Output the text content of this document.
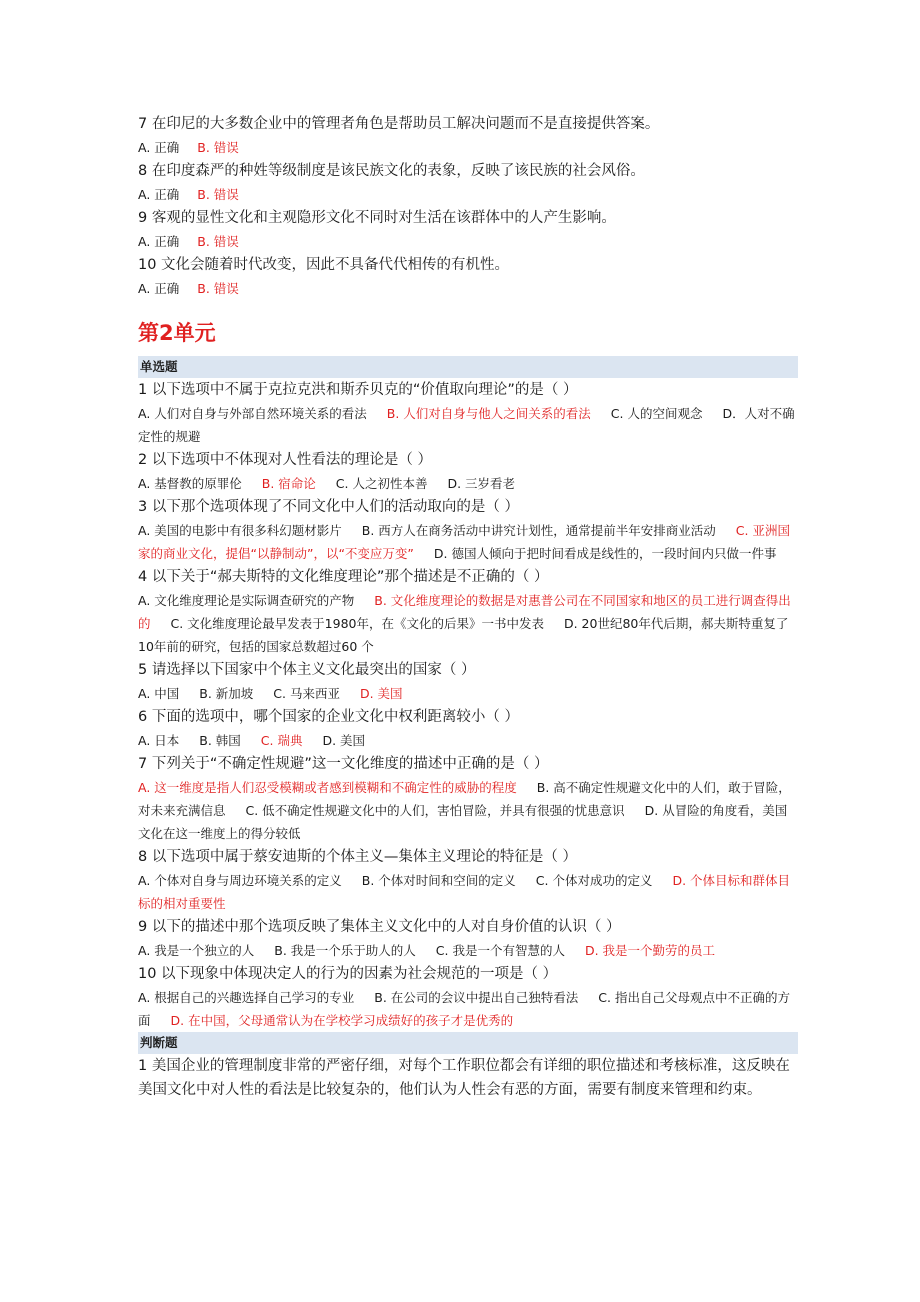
7 在印尼的大多数企业中的管理者角色是帮助员工解决问题而不是直接提供答案。

A. 正确 B. 错误

8 在印度森严的种姓等级制度是该民族文化的表象，反映了该民族的社会风俗。

A. 正确 B. 错误

9 客观的显性文化和主观隐形文化不同时对生活在该群体中的人产生影响。

A. 正确 B. 错误

10 文化会随着时代改变，因此不具备代代相传的有机性。

A. 正确 B. 错误

第2单元
单选题

1 以下选项中不属于克拉克洪和斯乔贝克的“价值取向理论”的是（ ）

A. 人们对自身与外部自然环境关系的看法 B. 人们对自身与他人之间关系的看法 C. 人的空间观念 D．人对不确定性的规避

2 以下选项中不体现对人性看法的理论是（ ）

A. 基督教的原罪伦 B. 宿命论 C. 人之初性本善 D. 三岁看老

3 以下那个选项体现了不同文化中人们的活动取向的是（ ）

A. 美国的电影中有很多科幻题材影片 B. 西方人在商务活动中讲究计划性，通常提前半年安排商业活动 C. 亚洲国家的商业文化，提倡“以静制动”，以“不变应万变” D. 德国人倾向于把时间看成是线性的，一段时间内只做一件事

4 以下关于“郝夫斯特的文化维度理论”那个描述是不正确的（ ）

A. 文化维度理论是实际调查研究的产物 B. 文化维度理论的数据是对惠普公司在不同国家和地区的员工进行调查得出的 C. 文化维度理论最早发表于1980年，在《文化的后果》一书中发表 D. 20世纪80年代后期，郝夫斯特重复了10年前的研究，包括的国家总数超过60 个

5 请选择以下国家中个体主义文化最突出的国家（ ）

A. 中国 B. 新加坡 C. 马来西亚 D. 美国

6 下面的选项中，哪个国家的企业文化中权利距离较小（ ）

A. 日本 B. 韩国 C. 瑞典 D. 美国

7 下列关于“不确定性规避”这一文化维度的描述中正确的是（ ）

A. 这一维度是指人们忍受模糊或者感到模糊和不确定性的威胁的程度 B. 高不确定性规避文化中的人们，敢于冒险，对未来充满信息 C. 低不确定性规避文化中的人们，害怕冒险，并具有很强的忧患意识 D. 从冒险的角度看，美国文化在这一维度上的得分较低

8 以下选项中属于蔡安迪斯的个体主义—集体主义理论的特征是（ ）

A. 个体对自身与周边环境关系的定义 B. 个体对时间和空间的定义 C. 个体对成功的定义 D. 个体目标和群体目标的相对重要性

9 以下的描述中那个选项反映了集体主义文化中的人对自身价值的认识（ ）

A. 我是一个独立的人 B. 我是一个乐于助人的人 C. 我是一个有智慧的人 D. 我是一个勤劳的员工

10 以下现象中体现决定人的行为的因素为社会规范的一项是（ ）

A. 根据自己的兴趣选择自己学习的专业 B. 在公司的会议中提出自己独特看法 C. 指出自己父母观点中不正确的方面 D. 在中国，父母通常认为在学校学习成绩好的孩子才是优秀的

判断题

1 美国企业的管理制度非常的严密仔细，对每个工作职位都会有详细的职位描述和考核标准，这反映在美国文化中对人性的看法是比较复杂的，他们认为人性会有恶的方面，需要有制度来管理和约束。
